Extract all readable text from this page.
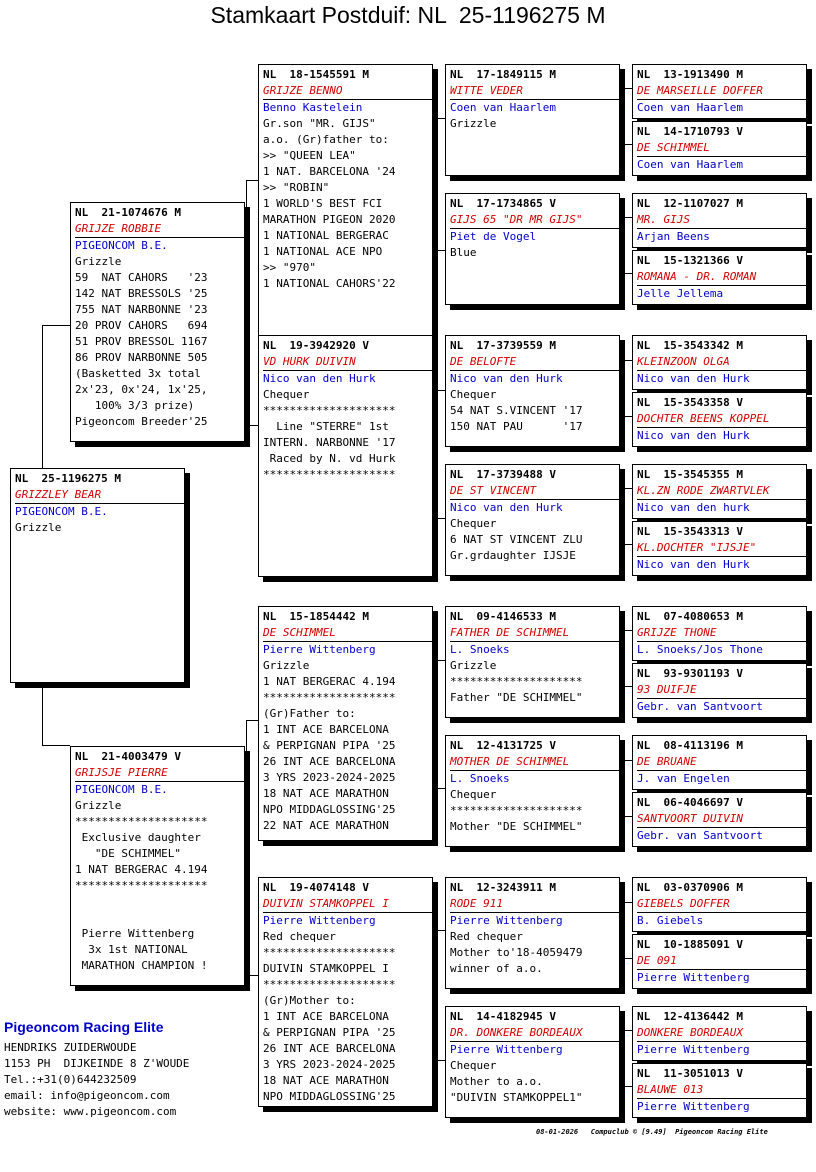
Stamkaart Postduif: NL  25-1196275 M
NL  25-1196275 M
GRIZZLEY BEAR
PIGEONCOM B.E.
Grizzle
NL  21-1074676 M
GRIJZE ROBBIE
PIGEONCOM B.E.
Grizzle
59  NAT CAHORS   '23
142 NAT BRESSOLS '25
755 NAT NARBONNE '23
20 PROV CAHORS   694
51 PROV BRESSOL 1167
86 PROV NARBONNE 505
(Basketted 3x total
2x'23, 0x'24, 1x'25,
100% 3/3 prize)
Pigeoncom Breeder'25
NL  21-4003479 V
GRIJSJE PIERRE
PIGEONCOM B.E.
Grizzle
********************
Exclusive daughter
"DE SCHIMMEL"
1 NAT BERGERAC 4.194
********************

Pierre Wittenberg
3x 1st NATIONAL
MARATHON CHAMPION !
NL  18-1545591 M
GRIJZE BENNO
Benno Kastelein
Gr.son "MR. GIJS"
a.o. (Gr)father to:
>> "QUEEN LEA"
1 NAT. BARCELONA '24
>> "ROBIN"
1 WORLD'S BEST FCI
MARATHON PIGEON 2020
1 NATIONAL BERGERAC
1 NATIONAL ACE NPO
>> "970"
1 NATIONAL CAHORS'22
NL  19-3942920 V
VD HURK DUIVIN
Nico van den Hurk
Chequer
********************
Line "STERRE" 1st
INTERN. NARBONNE '17
Raced by N. vd Hurk
********************
NL  15-1854442 M
DE SCHIMMEL
Pierre Wittenberg
Grizzle
1 NAT BERGERAC 4.194
********************
(Gr)Father to:
1 INT ACE BARCELONA
& PERPIGNAN PIPA '25
26 INT ACE BARCELONA
3 YRS 2023-2024-2025
18 NAT ACE MARATHON
NPO MIDDAGLOSSING'25
22 NAT ACE MARATHON
NL  19-4074148 V
DUIVIN STAMKOPPEL I
Pierre Wittenberg
Red chequer
********************
DUIVIN STAMKOPPEL I
********************
(Gr)Mother to:
1 INT ACE BARCELONA
& PERPIGNAN PIPA '25
26 INT ACE BARCELONA
3 YRS 2023-2024-2025
18 NAT ACE MARATHON
NPO MIDDAGLOSSING'25
NL  17-1849115 M
WITTE VEDER
Coen van Haarlem
Grizzle
NL  17-1734865 V
GIJS 65 "DR MR GIJS"
Piet de Vogel
Blue
NL  17-3739559 M
DE BELOFTE
Nico van den Hurk
Chequer
54 NAT S.VINCENT '17
150 NAT PAU      '17
NL  17-3739488 V
DE ST VINCENT
Nico van den Hurk
Chequer
6 NAT ST VINCENT ZLU
Gr.grdaughter IJSJE
NL  09-4146533 M
FATHER DE SCHIMMEL
L. Snoeks
Grizzle
********************
Father "DE SCHIMMEL"
NL  12-4131725 V
MOTHER DE SCHIMMEL
L. Snoeks
Chequer
********************
Mother "DE SCHIMMEL"
NL  12-3243911 M
RODE 911
Pierre Wittenberg
Red chequer
Mother to'18-4059479
winner of a.o.
NL  14-4182945 V
DR. DONKERE BORDEAUX
Pierre Wittenberg
Chequer
Mother to a.o.
"DUIVIN STAMKOPPEL1"
NL  13-1913490 M
DE MARSEILLE DOFFER
Coen van Haarlem
NL  14-1710793 V
DE SCHIMMEL
Coen van Haarlem
NL  12-1107027 M
MR. GIJS
Arjan Beens
NL  15-1321366 V
ROMANA - DR. ROMAN
Jelle Jellema
NL  15-3543342 M
KLEINZOON OLGA
Nico van den Hurk
NL  15-3543358 V
DOCHTER BEENS KOPPEL
Nico van den Hurk
NL  15-3545355 M
KL.ZN RODE ZWARTVLEK
Nico van den hurk
NL  15-3543313 V
KL.DOCHTER "IJSJE"
Nico van den Hurk
NL  07-4080653 M
GRIJZE THONE
L. Snoeks/Jos Thone
NL  93-9301193 V
93 DUIFJE
Gebr. van Santvoort
NL  08-4113196 M
DE BRUANE
J. van Engelen
NL  06-4046697 V
SANTVOORT DUIVIN
Gebr. van Santvoort
NL  03-0370906 M
GIEBELS DOFFER
B. Giebels
NL  10-1885091 V
DE 091
Pierre Wittenberg
NL  12-4136442 M
DONKERE BORDEAUX
Pierre Wittenberg
NL  11-3051013 V
BLAUWE 013
Pierre Wittenberg
Pigeoncom Racing Elite
HENDRIKS ZUIDERWOUDE
1153 PH  DIJKEINDE 8 Z'WOUDE
Tel.:+31(0)644232509
email: info@pigeoncom.com
website: www.pigeoncom.com
08-01-2026   Compuclub © [9.49]  Pigeoncom Racing Elite
